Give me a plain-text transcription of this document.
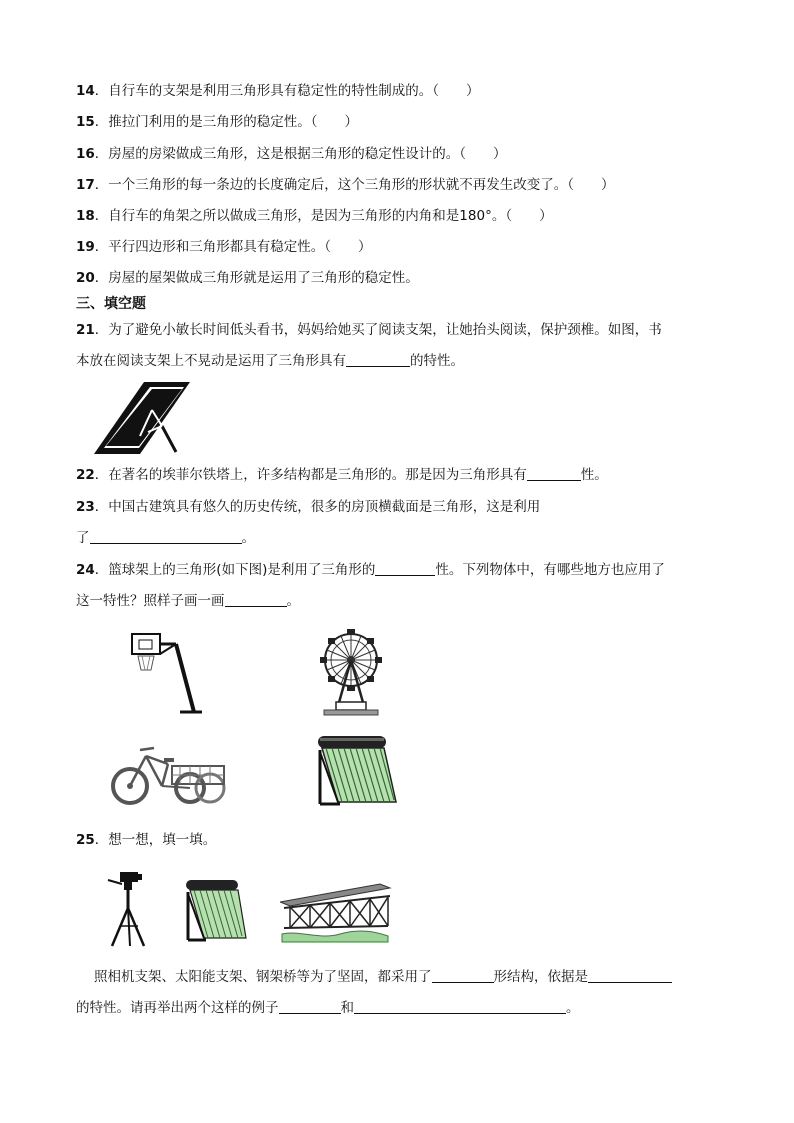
14．自行车的支架是利用三角形具有稳定性的特性制成的。（　　）
15．推拉门利用的是三角形的稳定性。（　　）
16．房屋的房梁做成三角形，这是根据三角形的稳定性设计的。（　　）
17．一个三角形的每一条边的长度确定后，这个三角形的形状就不再发生改变了。（　　）
18．自行车的角架之所以做成三角形，是因为三角形的内角和是180°。（　　）
19．平行四边形和三角形都具有稳定性。（　　）
20．房屋的屋架做成三角形就是运用了三角形的稳定性。
三、填空题
21．为了避免小敏长时间低头看书，妈妈给她买了阅读支架，让她抬头阅读，保护颈椎。如图，书
本放在阅读支架上不晃动是运用了三角形具有	的特性。
22．在著名的埃菲尔铁塔上，许多结构都是三角形的。那是因为三角形具有	性。
23．中国古建筑具有悠久的历史传统，很多的房顶横截面是三角形，这是利用
了	。
24．篮球架上的三角形(如下图)是利用了三角形的	性。下列物体中，有哪些地方也应用了
这一特性？照样子画一画	。
25．想一想，填一填。
照相机支架、太阳能支架、钢架桥等为了坚固，都采用了	形结构，依据是
的特性。请再举出两个这样的例子	和	。
